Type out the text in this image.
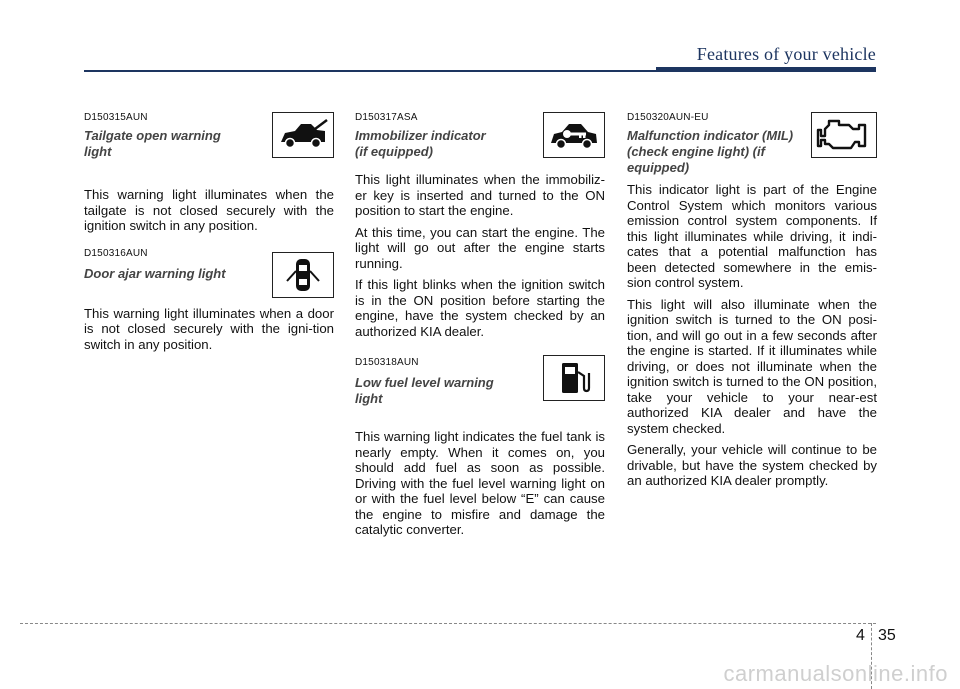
Features of your vehicle

D150315AUN

Tailgate open warning light

This warning light illuminates when the tailgate is not closed securely with the ignition switch in any position.

D150316AUN

Door ajar warning light

This warning light illuminates when a door is not closed securely with the igni-tion switch in any position.

D150317ASA

Immobilizer indicator (if equipped)

This light illuminates when the immobiliz-er key is inserted and turned to the ON position to start the engine.

At this time, you can start the engine. The light will go out after the engine starts running.

If this light blinks when the ignition switch is in the ON position before starting the engine, have the system checked by an authorized KIA dealer.

D150318AUN

Low fuel level warning light

This warning light indicates the fuel tank is nearly empty. When it comes on, you should add fuel as soon as possible. Driving with the fuel level warning light on or with the fuel level below “E” can cause the engine to misfire and damage the catalytic converter.

D150320AUN-EU

Malfunction indicator (MIL) (check engine light) (if equipped)

This indicator light is part of the Engine Control System which monitors various emission control system components. If this light illuminates while driving, it indi-cates that a potential malfunction has been detected somewhere in the emis-sion control system.

This light will also illuminate when the ignition switch is turned to the ON posi-tion, and will go out in a few seconds after the engine is started. If it illuminates while driving, or does not illuminate when the ignition switch is turned to the ON position, take your vehicle to your near-est authorized KIA dealer and have the system checked.

Generally, your vehicle will continue to be drivable, but have the system checked by an authorized KIA dealer promptly.

4 35
carmanualsonline.info
